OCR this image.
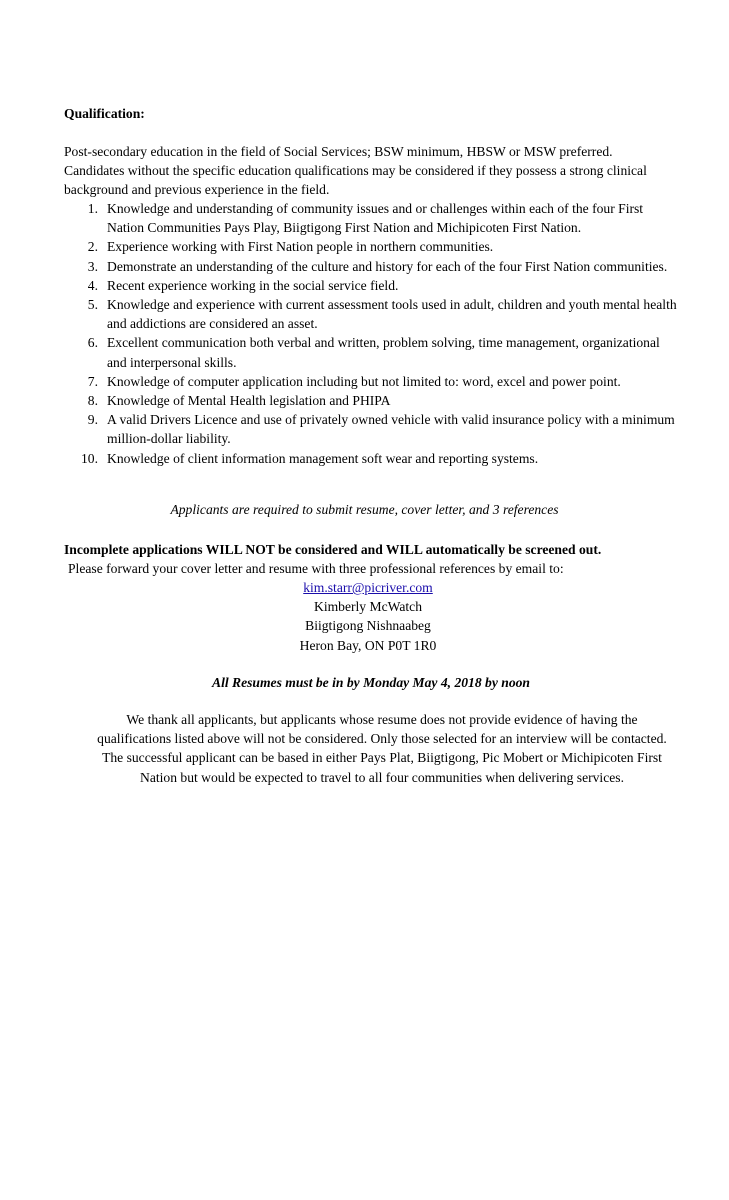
Qualification:

Post-secondary education in the field of Social Services; BSW minimum, HBSW or MSW preferred. Candidates without the specific education qualifications may be considered if they possess a strong clinical background and previous experience in the field.

1. Knowledge and understanding of community issues and or challenges within each of the four First Nation Communities Pays Play, Biigtigong First Nation and Michipicoten First Nation.
2. Experience working with First Nation people in northern communities.
3. Demonstrate an understanding of the culture and history for each of the four First Nation communities.
4. Recent experience working in the social service field.
5. Knowledge and experience with current assessment tools used in adult, children and youth mental health and addictions are considered an asset.
6. Excellent communication both verbal and written, problem solving, time management, organizational and interpersonal skills.
7. Knowledge of computer application including but not limited to: word, excel and power point.
8. Knowledge of Mental Health legislation and PHIPA
9. A valid Drivers Licence and use of privately owned vehicle with valid insurance policy with a minimum million-dollar liability.
10. Knowledge of client information management soft wear and reporting systems.
Applicants are required to submit resume, cover letter, and 3 references
Incomplete applications WILL NOT be considered and WILL automatically be screened out.
Please forward your cover letter and resume with three professional references by email to:
kim.starr@picriver.com
Kimberly McWatch
Biigtigong Nishnaabeg
Heron Bay, ON P0T 1R0
All Resumes must be in by Monday May 4, 2018 by noon

We thank all applicants, but applicants whose resume does not provide evidence of having the qualifications listed above will not be considered. Only those selected for an interview will be contacted. The successful applicant can be based in either Pays Plat, Biigtigong, Pic Mobert or Michipicoten First Nation but would be expected to travel to all four communities when delivering services.
